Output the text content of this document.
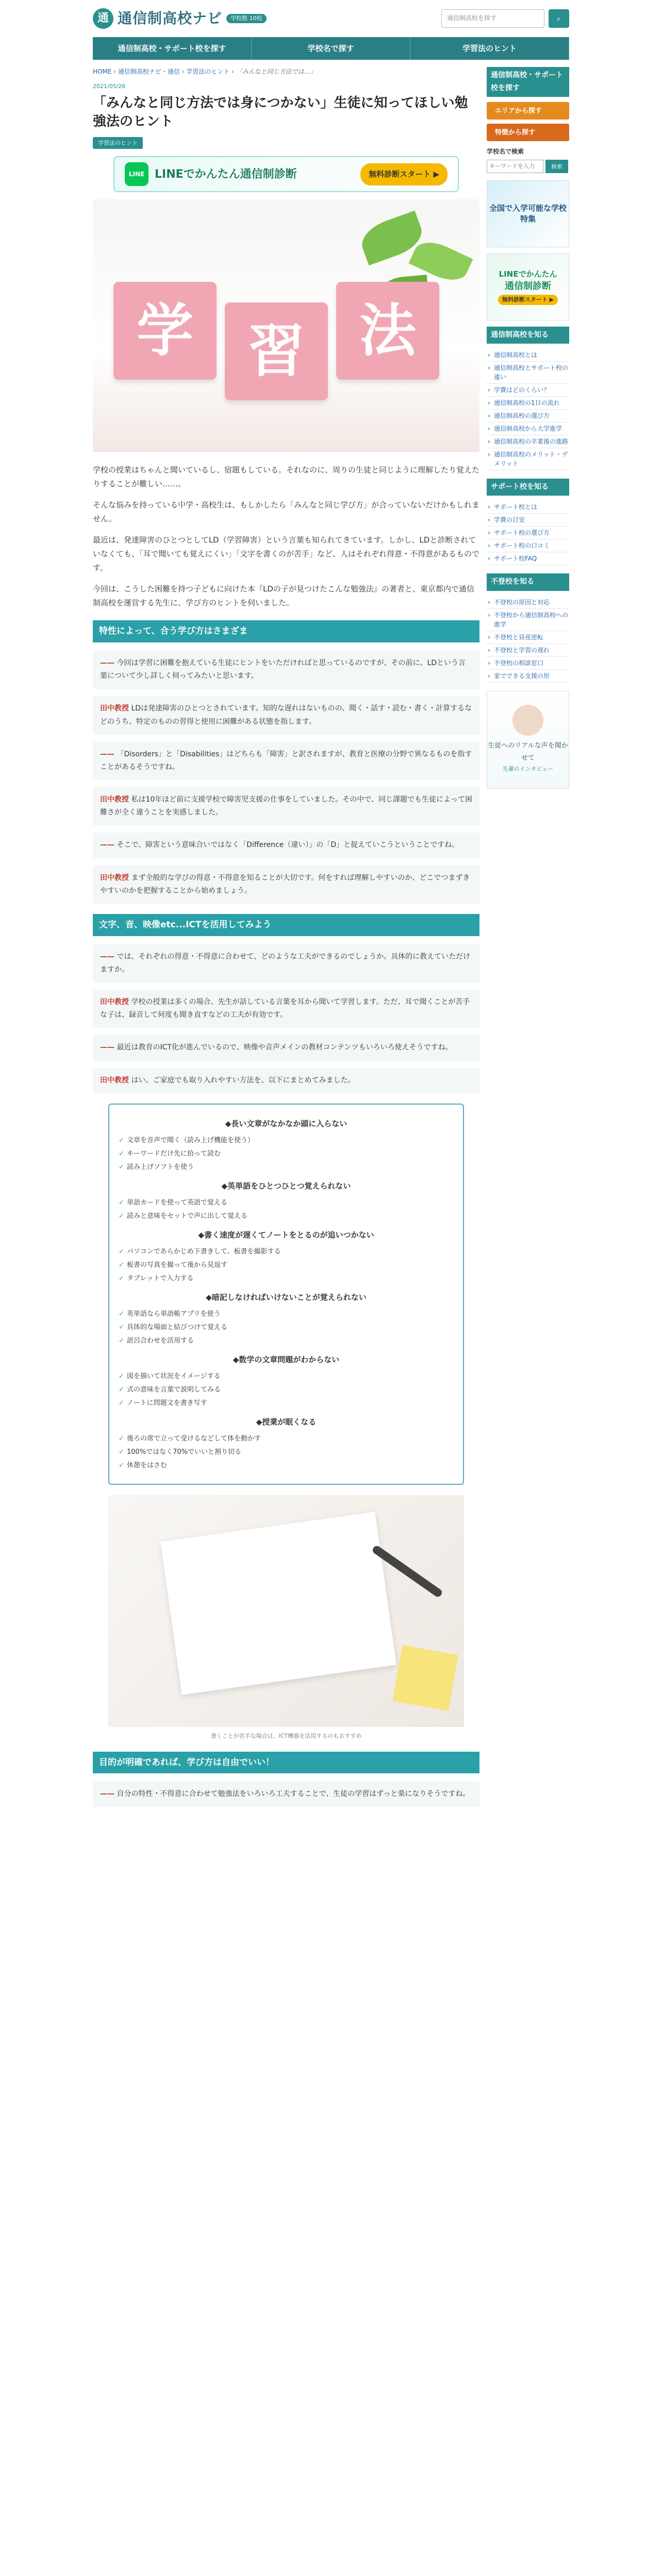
通 通信制高校ナビ	学校数 10校	通信制高校を探す	⌕
通信制高校・サポート校を探す	学校名で探す	学習法のヒント
HOME › 通信制高校ナビ・通信 › 学習法のヒント › 「みんなと同じ方法では…」
2021/05/26
「みんなと同じ方法では身につかない」生徒に知ってほしい勉強法のヒント
学習法のヒント
LINE LINEでかんたん通信制診断	無料診断スタート ▶
学 習 法

学校の授業はちゃんと聞いているし、宿題もしている。それなのに、周りの生徒と同じように理解したり覚えたりすることが難しい……。

そんな悩みを持っている中学・高校生は、もしかしたら「みんなと同じ学び方」が合っていないだけかもしれません。

最近は、発達障害のひとつとしてLD（学習障害）という言葉も知られてきています。しかし、LDと診断されていなくても、「耳で聞いても覚えにくい」「文字を書くのが苦手」など、人はそれぞれ得意・不得意があるものです。

今回は、こうした困難を持つ子どもに向けた本『LDの子が見つけたこんな勉強法』の著者と、東京都内で通信制高校を運営する先生に、学び方のヒントを伺いました。

特性によって、合う学び方はさまざま
—— 今回は学習に困難を抱えている生徒にヒントをいただければと思っているのですが、その前に、LDという言葉について少し詳しく伺ってみたいと思います。
田中教授 LDは発達障害のひとつとされています。知的な遅れはないものの、聞く・話す・読む・書く・計算するなどのうち、特定のものの習得と使用に困難がある状態を指します。
—— 「Disorders」と「Disabilities」はどちらも「障害」と訳されますが、教育と医療の分野で異なるものを指すことがあるそうですね。
田中教授 私は10年ほど前に支援学校で障害児支援の仕事をしていました。その中で、同じ課題でも生徒によって困難さが全く違うことを実感しました。
—— そこで、障害という意味合いではなく「Difference（違い）」の「D」と捉えていこうということですね。
田中教授 まず全般的な学びの得意・不得意を知ることが大切です。何をすれば理解しやすいのか、どこでつまずきやすいのかを把握することから始めましょう。
文字、音、映像etc...ICTを活用してみよう
—— では、それぞれの得意・不得意に合わせて、どのような工夫ができるのでしょうか。具体的に教えていただけますか。
田中教授 学校の授業は多くの場合、先生が話している言葉を耳から聞いて学習します。ただ、耳で聞くことが苦手な子は、録音して何度も聞き直すなどの工夫が有効です。
—— 最近は教育のICT化が進んでいるので、映像や音声メインの教材コンテンツもいろいろ使えそうですね。
田中教授 はい。ご家庭でも取り入れやすい方法を、以下にまとめてみました。
◆長い文章がなかなか頭に入らない
✓ 文章を音声で聞く（読み上げ機能を使う）
✓ キーワードだけ先に拾って読む
✓ 読み上げソフトを使う
◆英単語をひとつひとつ覚えられない
✓ 単語カードを使って英語で覚える
✓ 読みと意味をセットで声に出して覚える
◆書く速度が遅くてノートをとるのが追いつかない
✓ パソコンであらかじめ下書きして、板書を撮影する
✓ 板書の写真を撮って後から見返す
✓ タブレットで入力する
◆暗記しなければいけないことが覚えられない
✓ 英単語なら単語帳アプリを使う
✓ 具体的な場面と結びつけて覚える
✓ 語呂合わせを活用する
◆数学の文章問題がわからない
✓ 図を描いて状況をイメージする
✓ 式の意味を言葉で説明してみる
✓ ノートに問題文を書き写す
◆授業が眠くなる
✓ 後ろの席で立って受けるなどして体を動かす
✓ 100%ではなく70%でいいと割り切る
✓ 休憩をはさむ
書くことが苦手な場合は、ICT機器を活用するのもおすすめ
目的が明確であれば、学び方は自由でいい！
—— 自分の特性・不得意に合わせて勉強法をいろいろ工夫することで、生徒の学習はずっと楽になりそうですね。
通信制高校・サポート校を探す
エリアから探す
特徴から探す
学校名で検索
キーワードを入力
検索
全国で入学可能な学校特集
LINEでかんたん
通信制診断
無料診断スタート ▶
通信制高校を知る
› 通信制高校とは
› 通信制高校とサポート校の違い
› 学費はどのくらい？
› 通信制高校の1日の流れ
› 通信制高校の選び方
› 通信制高校から大学進学
› 通信制高校の卒業後の進路
› 通信制高校のメリット・デメリット
サポート校を知る
› サポート校とは
› 学費の目安
› サポート校の選び方
› サポート校の口コミ
› サポート校FAQ
不登校を知る
› 不登校の原因と対応
› 不登校から通信制高校への進学
› 不登校と昼夜逆転
› 不登校と学習の遅れ
› 不登校の相談窓口
› 家でできる支援の形
生徒へのリアルな声を聞かせて
先輩のインタビュー
